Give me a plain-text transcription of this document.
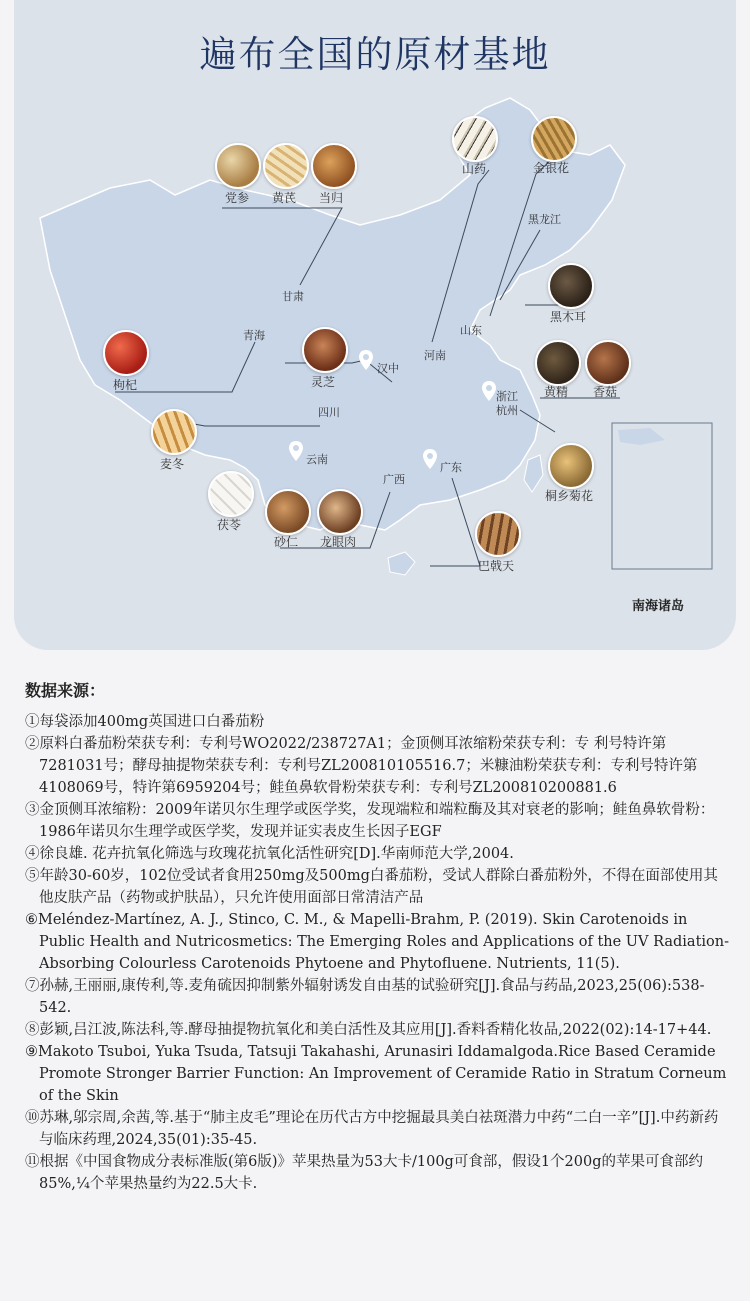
遍布全国的原材基地
党参 黄芪 当归
山药	金银花
黑木耳
枸杞	灵芝
黄精 香菇
麦冬
桐乡菊花
茯苓
砂仁 龙眼肉
巴戟天
甘肃
青海
河南
山东
黑龙江
汉中
四川
浙江
杭州
云南
广西
广东
南海诸岛
数据来源：

①每袋添加400mg英国进口白番茄粉

②原料白番茄粉荣获专利：专利号WO2022/238727A1；金顶侧耳浓缩粉荣获专利：专 利号特许第7281031号；酵母抽提物荣获专利：专利号ZL200810105516.7；米糠油粉荣获专利：专利号特许第 4108069号，特许第6959204号；鲑鱼鼻软骨粉荣获专利：专利号ZL200810200881.6

③金顶侧耳浓缩粉：2009年诺贝尔生理学或医学奖，发现端粒和端粒酶及其对衰老的影响；鲑鱼鼻软骨粉：1986年诺贝尔生理学或医学奖，发现并证实表皮生长因子EGF

④徐良雄. 花卉抗氧化筛选与玫瑰花抗氧化活性研究[D].华南师范大学,2004.

⑤年龄30-60岁，102位受试者食用250mg及500mg白番茄粉，受试人群除白番茄粉外，不得在面部使用其他皮肤产品（药物或护肤品），只允许使用面部日常清洁产品

⑥Meléndez-Martínez, A. J., Stinco, C. M., & Mapelli-Brahm, P. (2019). Skin Carotenoids in Public Health and Nutricosmetics: The Emerging Roles and Applications of the UV Radiation-Absorbing Colourless Carotenoids Phytoene and Phytofluene. Nutrients, 11(5).

⑦孙赫,王丽丽,康传利,等.麦角硫因抑制紫外辐射诱发自由基的试验研究[J].食品与药品,2023,25(06):538-542.

⑧彭颖,吕江波,陈法科,等.酵母抽提物抗氧化和美白活性及其应用[J].香料香精化妆品,2022(02):14-17+44.

⑨Makoto Tsuboi, Yuka Tsuda, Tatsuji Takahashi, Arunasiri Iddamalgoda.Rice Based Ceramide Promote Stronger Barrier Function: An Improvement of Ceramide Ratio in Stratum Corneum of the Skin

⑩苏琳,邬宗周,余茜,等.基于“肺主皮毛”理论在历代古方中挖掘最具美白祛斑潜力中药“二白一辛”[J].中药新药与临床药理,2024,35(01):35-45.

⑪根据《中国食物成分表标准版(第6版)》苹果热量为53大卡/100g可食部，假设1个200g的苹果可食部约85%,¼个苹果热量约为22.5大卡.
